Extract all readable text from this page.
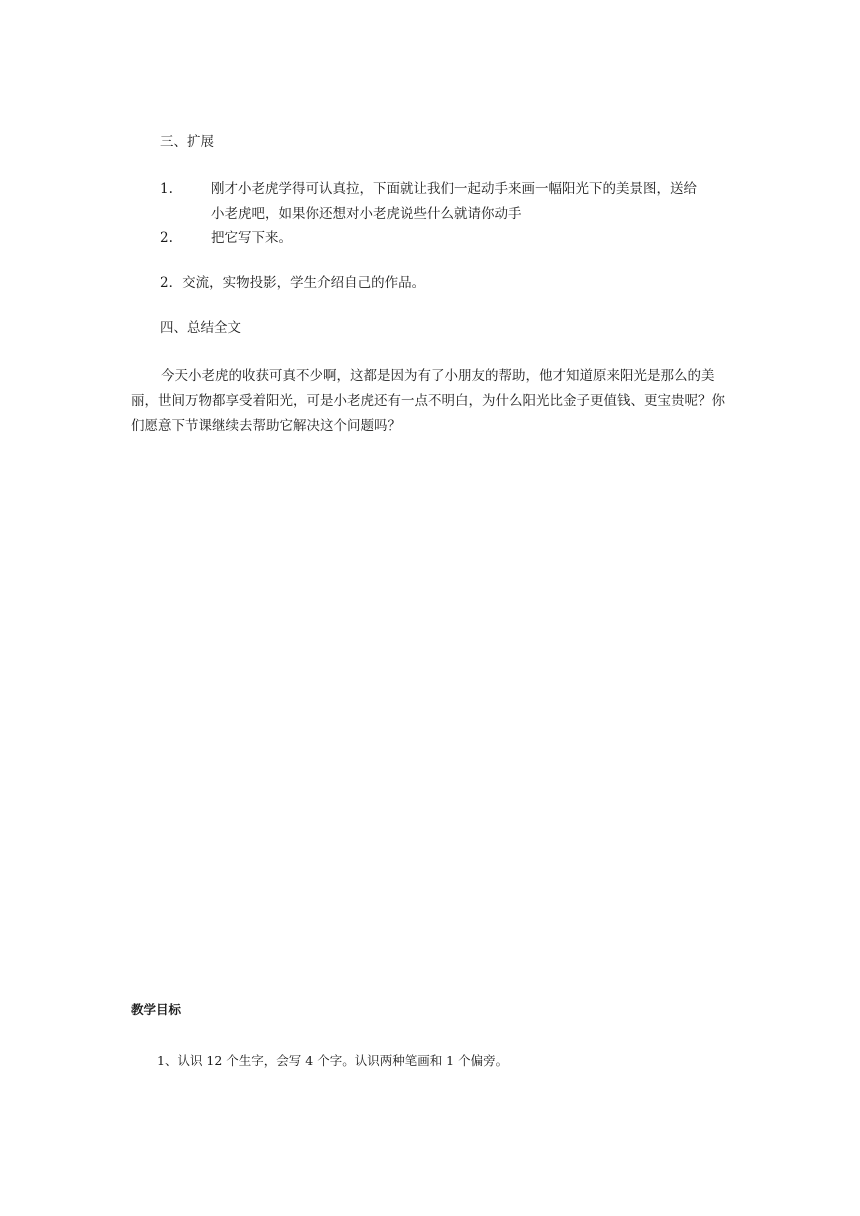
三、扩展
1.	刚才小老虎学得可认真拉，下面就让我们一起动手来画一幅阳光下的美景图，送给
小老虎吧，如果你还想对小老虎说些什么就请你动手
2.	把它写下来。
2．交流，实物投影，学生介绍自己的作品。
四、总结全文
今天小老虎的收获可真不少啊，这都是因为有了小朋友的帮助，他才知道原来阳光是那么的美丽，世间万物都享受着阳光，可是小老虎还有一点不明白，为什么阳光比金子更值钱、更宝贵呢？你们愿意下节课继续去帮助它解决这个问题吗？
教学目标
1、认识 12 个生字，会写 4 个字。认识两种笔画和 1 个偏旁。
